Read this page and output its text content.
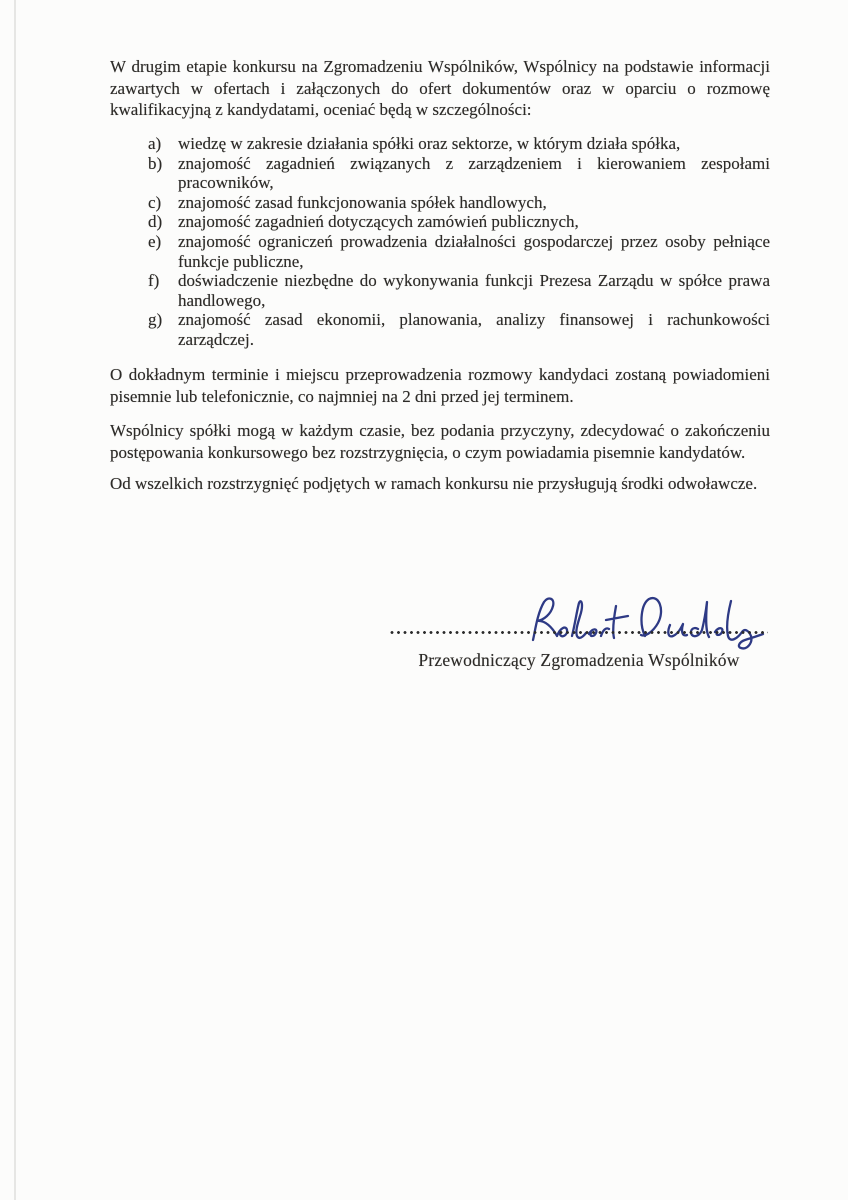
W drugim etapie konkursu na Zgromadzeniu Wspólników, Wspólnicy na podstawie informacji zawartych w ofertach i załączonych do ofert dokumentów oraz w oparciu o rozmowę kwalifikacyjną z kandydatami, oceniać będą w szczególności:

a) wiedzę w zakresie działania spółki oraz sektorze, w którym działa spółka,
b) znajomość zagadnień związanych z zarządzeniem i kierowaniem zespołami pracowników,
c) znajomość zasad funkcjonowania spółek handlowych,
d) znajomość zagadnień dotyczących zamówień publicznych,
e) znajomość ograniczeń prowadzenia działalności gospodarczej przez osoby pełniące funkcje publiczne,
f)	doświadczenie niezbędne do wykonywania funkcji Prezesa Zarządu w spółce prawa handlowego,
g) znajomość zasad ekonomii, planowania, analizy finansowej i rachunkowości zarządczej.

O dokładnym terminie i miejscu przeprowadzenia rozmowy kandydaci zostaną powiadomieni pisemnie lub telefonicznie, co najmniej na 2 dni przed jej terminem.

Wspólnicy spółki mogą w każdym czasie, bez podania przyczyny, zdecydować o zakończeniu postępowania konkursowego bez rozstrzygnięcia, o czym powiadamia pisemnie kandydatów.

Od wszelkich rozstrzygnięć podjętych w ramach konkursu nie przysługują środki odwoławcze.

Przewodniczący Zgromadzenia Wspólników
